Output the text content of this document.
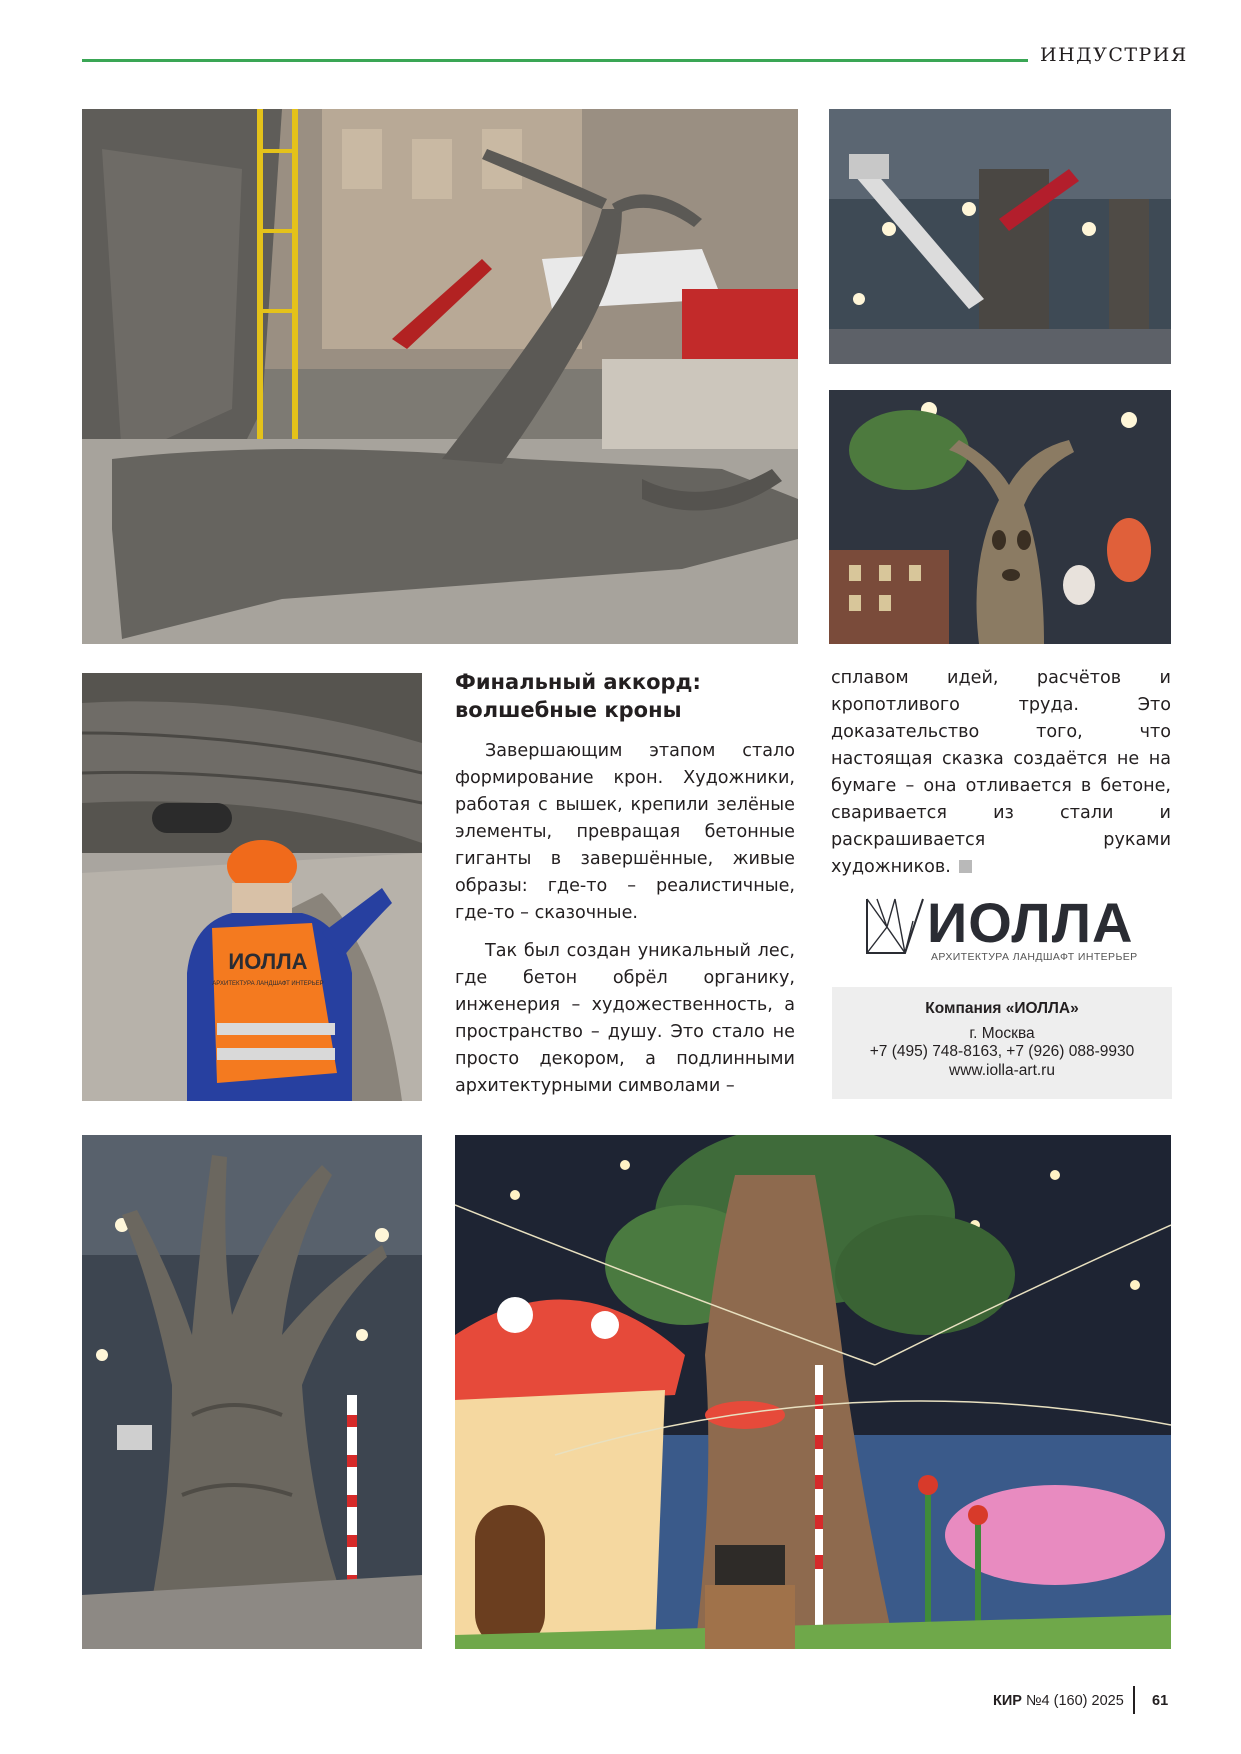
ИНДУСТРИЯ
ИОЛЛА
АРХИТЕКТУРА ЛАНДШАФТ ИНТЕРЬЕР
Финальный аккорд:
волшебные кроны

Завершающим этапом стало формирование крон. Художники, работая с вышек, крепили зелёные элементы, превращая бетонные гиганты в завершённые, живые образы: где-то – реалистичные, где-то – сказочные.

Так был создан уникальный лес, где бетон обрёл органику, инженерия – художественность, а пространство – душу. Это стало не просто декором, а подлинными архитектурными символами –

сплавом идей, расчётов и кропотливого труда. Это доказательство того, что настоящая сказка создаётся не на бумаге – она отливается в бетоне, сваривается из стали и раскрашивается руками художников.

ИОЛЛА
АРХИТЕКТУРА ЛАНДШАФТ ИНТЕРЬЕР
Компания «ИОЛЛА»
г. Москва
+7 (495) 748-8163, +7 (926) 088-9930
www.iolla-art.ru
КИР №4 (160) 2025 61
